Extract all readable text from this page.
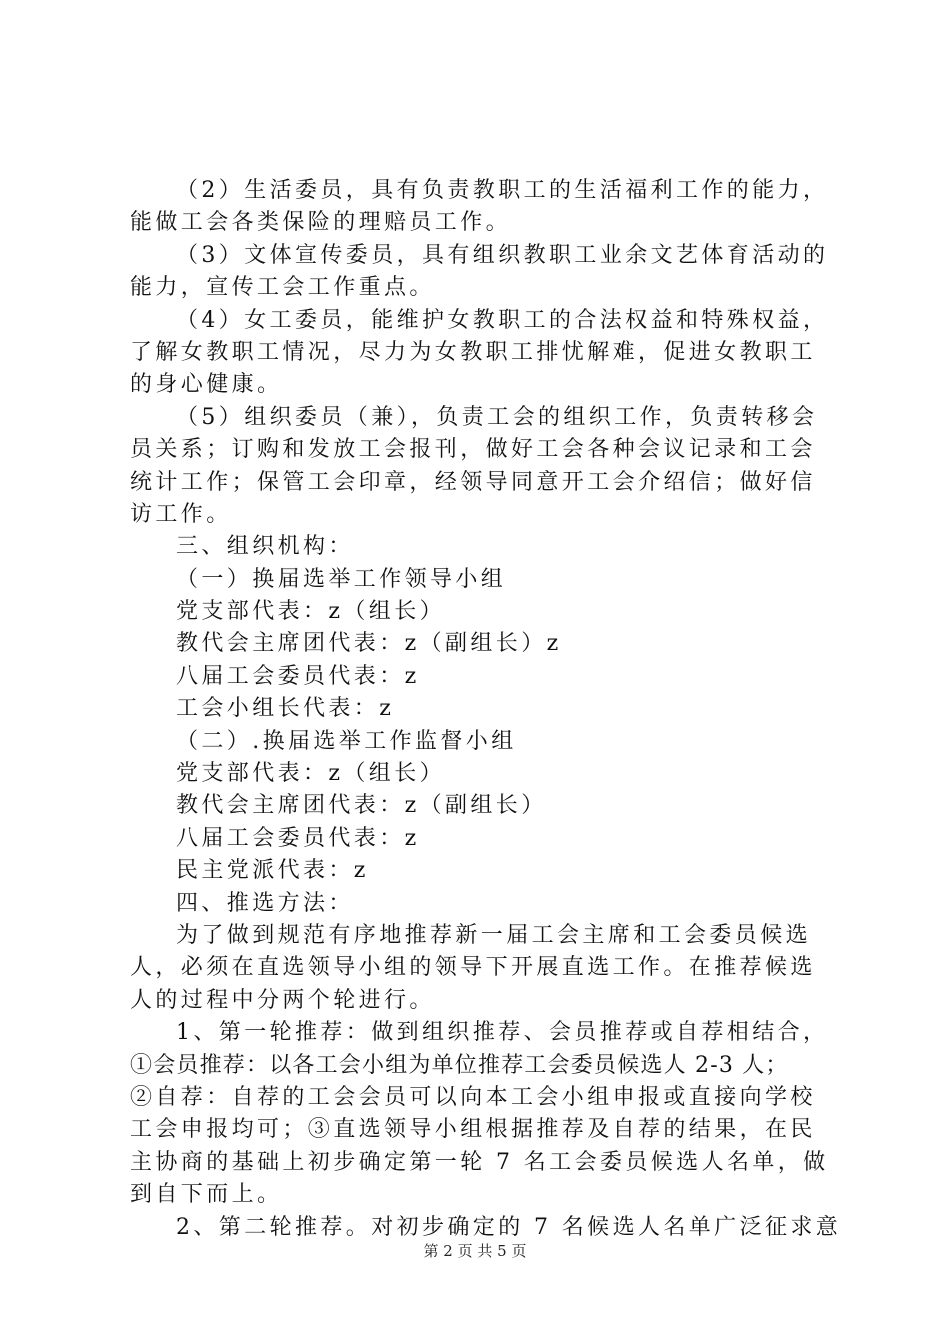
（2）生活委员，具有负责教职工的生活福利工作的能力，
能做工会各类保险的理赔员工作。
（3）文体宣传委员，具有组织教职工业余文艺体育活动的
能力，宣传工会工作重点。
（4）女工委员，能维护女教职工的合法权益和特殊权益，
了解女教职工情况，尽力为女教职工排忧解难，促进女教职工
的身心健康。
（5）组织委员（兼），负责工会的组织工作，负责转移会
员关系；订购和发放工会报刊，做好工会各种会议记录和工会
统计工作；保管工会印章，经领导同意开工会介绍信；做好信
访工作。
三、组织机构：
（一）换届选举工作领导小组
党支部代表：z（组长）
教代会主席团代表：z（副组长）z
八届工会委员代表：z
工会小组长代表：z
（二）.换届选举工作监督小组
党支部代表：z（组长）
教代会主席团代表：z（副组长）
八届工会委员代表：z
民主党派代表：z
四、推选方法：
为了做到规范有序地推荐新一届工会主席和工会委员候选
人，必须在直选领导小组的领导下开展直选工作。在推荐候选
人的过程中分两个轮进行。
1、第一轮推荐：做到组织推荐、会员推荐或自荐相结合，
①会员推荐：以各工会小组为单位推荐工会委员候选人 2-3 人；
②自荐：自荐的工会会员可以向本工会小组申报或直接向学校
工会申报均可；③直选领导小组根据推荐及自荐的结果，在民
主协商的基础上初步确定第一轮 7 名工会委员候选人名单，做
到自下而上。
2、第二轮推荐。对初步确定的 7 名候选人名单广泛征求意
第 2 页 共 5 页
